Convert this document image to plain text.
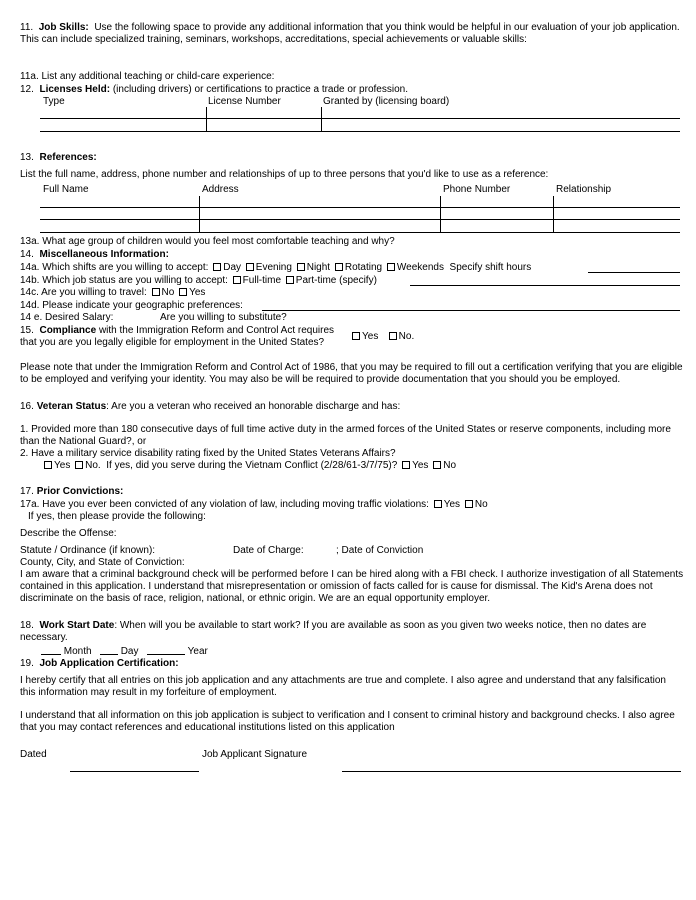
11. Job Skills: Use the following space to provide any additional information that you think would be helpful in our evaluation of your job application. This can include specialized training, seminars, workshops, accreditations, special achievements or valuable skills:
11a. List any additional teaching or child-care experience:
12. Licenses Held: (including drivers) or certifications to practice a trade or profession.
Type	License Number	Granted by (licensing board)
13. References:
List the full name, address, phone number and relationships of up to three persons that you'd like to use as a reference:
Full Name	Address	Phone Number	Relationship
13a. What age group of children would you feel most comfortable teaching and why?
14. Miscellaneous Information:
14a. Which shifts are you willing to accept: Day Evening Night Rotating Weekends Specify shift hours
14b. Which job status are you willing to accept: Full-time Part-time (specify)
14c. Are you willing to travel: No Yes
14d. Please indicate your geographic preferences:
14 e. Desired Salary:	Are you willing to substitute?
15. Compliance with the Immigration Reform and Control Act requires
that you are you legally eligible for employment in the United States?
Yes No.
Please note that under the Immigration Reform and Control Act of 1986, that you may be required to fill out a certification verifying that you are eligible to be employed and verifying your identity. You may also be will be required to provide documentation that you should you be employed.
16. Veteran Status: Are you a veteran who received an honorable discharge and has:
1. Provided more than 180 consecutive days of full time active duty in the armed forces of the United States or reserve components, including more than the National Guard?, or
2. Have a military service disability rating fixed by the United States Veterans Affairs?
Yes No. If yes, did you serve during the Vietnam Conflict (2/28/61-3/7/75)? Yes No
17. Prior Convictions:
17a. Have you ever been convicted of any violation of law, including moving traffic violations: Yes No
If yes, then please provide the following:
Describe the Offense:
Statute / Ordinance (if known):	Date of Charge:	; Date of Conviction
County, City, and State of Conviction:
I am aware that a criminal background check will be performed before I can be hired along with a FBI check. I authorize investigation of all Statements contained in this application. I understand that misrepresentation or omission of facts called for is cause for dismissal. The Kid's Arena does not discriminate on the basis of race, religion, national, or ethnic origin. We are an equal opportunity employer.
18. Work Start Date: When will you be available to start work? If you are available as soon as you given two weeks notice, then no dates are necessary.
Month	Day	Year
19. Job Application Certification:
I hereby certify that all entries on this job application and any attachments are true and complete. I also agree and understand that any falsification this information may result in my forfeiture of employment.
I understand that all information on this job application is subject to verification and I consent to criminal history and background checks. I also agree that you may contact references and educational institutions listed on this application
Dated	Job Applicant Signature
